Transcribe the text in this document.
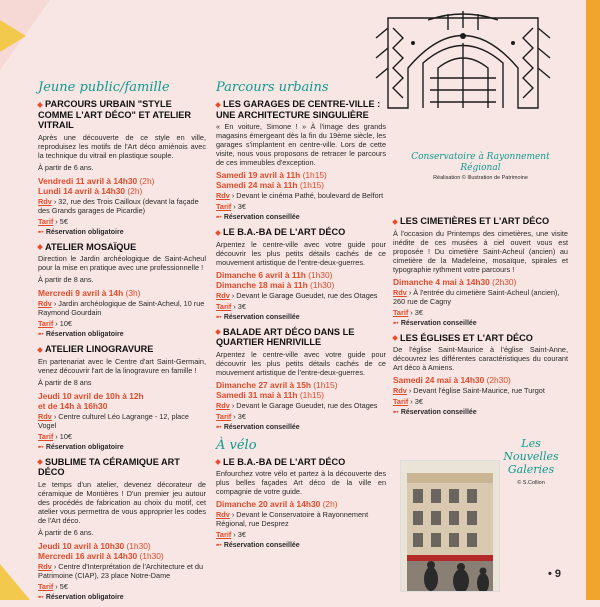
Jeune public/famille
PARCOURS URBAIN "STYLE COMME L'ART DÉCO" ET ATELIER VITRAIL
Après une découverte de ce style en ville, reproduisez les motifs de l'Art déco amiénois avec la technique du vitrail en plastique souple.
À partir de 6 ans.
Vendredi 11 avril à 14h30 (2h)
Lundi 14 avril à 14h30 (2h)
Rdv › 32, rue des Trois Cailloux (devant la façade des Grands garages de Picardie)
Tarif › 5€
➸ Réservation obligatoire
ATELIER MOSAÏQUE
Direction le Jardin archéologique de Saint-Acheul pour la mise en pratique avec une professionnelle !
À partir de 8 ans.
Mercredi 9 avril à 14h (3h)
Rdv › Jardin archéologique de Saint-Acheul, 10 rue Raymond Gourdain
Tarif › 10€
➸ Réservation obligatoire
ATELIER LINOGRAVURE
En partenariat avec le Centre d'art Saint-Germain, venez découvrir l'art de la linogravure en famille !
À partir de 8 ans
Jeudi 10 avril de 10h à 12h
et de 14h à 16h30
Rdv › Centre culturel Léo Lagrange - 12, place Vogel
Tarif › 10€
➸ Réservation obligatoire
SUBLIME TA CÉRAMIQUE ART DÉCO
Le temps d'un atelier, devenez décorateur de céramique de Montières ! D'un premier jeu autour des procédés de fabrication au choix du motif, cet atelier vous permettra de vous approprier les codes de l'Art déco.
À partir de 6 ans.
Jeudi 10 avril à 10h30 (1h30)
Mercredi 16 avril à 14h30 (1h30)
Rdv › Centre d'Interprétation de l'Architecture et du Patrimoine (CIAP), 23 place Notre-Dame
Tarif › 5€
➸ Réservation obligatoire
Parcours urbains
LES GARAGES DE CENTRE-VILLE : UNE ARCHITECTURE SINGULIÈRE
« En voiture, Simone ! » À l'image des grands magasins émergeant dès la fin du 19ème siècle, les garages s'implantent en centre-ville. Lors de cette visite, nous vous proposons de retracer le parcours de ces immeubles d'exception.
Samedi 19 avril à 11h (1h15)
Samedi 24 mai à 11h (1h15)
Rdv › Devant le cinéma Pathé, boulevard de Belfort
Tarif › 3€
➸ Réservation conseillée
LE B.A.-BA DE L'ART DÉCO
Arpentez le centre-ville avec votre guide pour découvrir les plus petits détails cachés de ce mouvement artistique de l'entre-deux-guerres.
Dimanche 6 avril à 11h (1h30)
Dimanche 18 mai à 11h (1h30)
Rdv › Devant le Garage Gueudet, rue des Otages
Tarif › 3€
➸ Réservation conseillée
BALADE ART DÉCO DANS LE QUARTIER HENRIVILLE
Arpentez le centre-ville avec votre guide pour découvrir les plus petits détails cachés de ce mouvement artistique de l'entre-deux-guerres.
Dimanche 27 avril à 15h (1h15)
Samedi 31 mai à 11h (1h15)
Rdv › Devant le Garage Gueudet, rue des Otages
Tarif › 3€
➸ Réservation conseillée
À vélo
LE B.A.-BA DE L'ART DÉCO
Enfourchez votre vélo et partez à la découverte des plus belles façades Art déco de la ville en compagnie de votre guide.
Dimanche 20 avril à 14h30 (2h)
Rdv › Devant le Conservatoire à Rayonnement Régional, rue Desprez
Tarif › 3€
➸ Réservation conseillée
Conservatoire à Rayonnement Régional
Réalisation © Illustration de Patrimoine
LES CIMETIÈRES ET L'ART DÉCO
À l'occasion du Printemps des cimetières, une visite inédite de ces musées à ciel ouvert vous est proposée ! Du cimetière Saint-Acheul (ancien) au cimetière de la Madeleine, mosaïque, spirales et typographie rythment votre parcours !
Dimanche 4 mai à 14h30 (2h30)
Rdv › À l'entrée du cimetière Saint-Acheul (ancien), 260 rue de Cagny
Tarif › 3€
➸ Réservation conseillée
LES ÉGLISES ET L'ART DÉCO
De l'église Saint-Maurice à l'église Saint-Anne, découvrez les différentes caractéristiques du courant Art déco à Amiens.
Samedi 24 mai à 14h30 (2h30)
Rdv › Devant l'église Saint-Maurice, rue Turgot
Tarif › 3€
➸ Réservation conseillée
Les Nouvelles Galeries
© S.Collion
• 9
